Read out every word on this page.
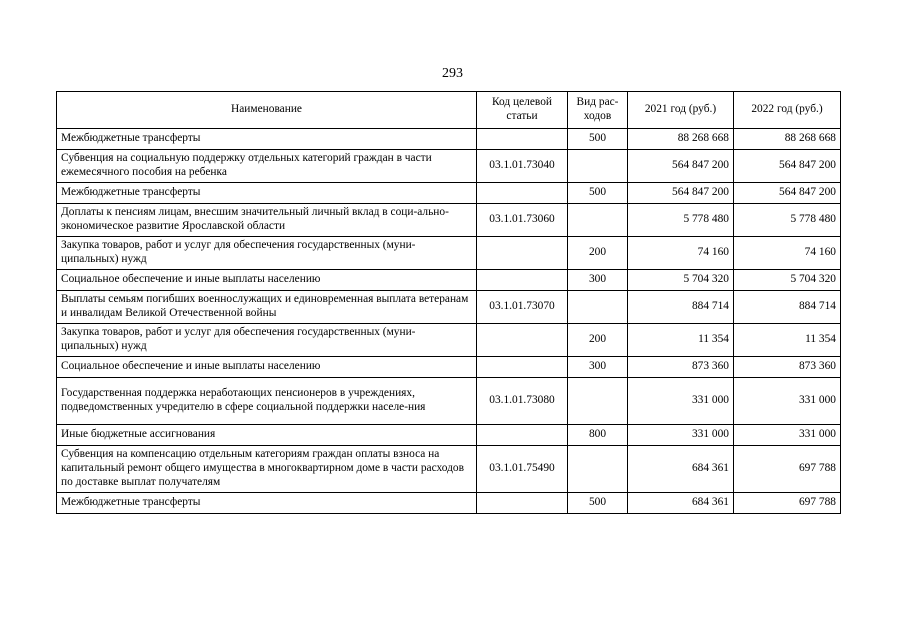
293
Наименование	Код целевой статьи	Вид рас-ходов	2021 год (руб.)	2022 год (руб.)
Межбюджетные трансферты		500	88 268 668	88 268 668
Субвенция на социальную поддержку отдельных категорий граждан в части ежемесячного пособия на ребенка	03.1.01.73040		564 847 200	564 847 200
Межбюджетные трансферты		500	564 847 200	564 847 200
Доплаты к пенсиям лицам, внесшим значительный личный вклад в соци-ально-экономическое развитие Ярославской области	03.1.01.73060		5 778 480	5 778 480
Закупка товаров, работ и услуг для обеспечения государственных (муни-ципальных) нужд		200	74 160	74 160
Социальное обеспечение и иные выплаты населению		300	5 704 320	5 704 320
Выплаты семьям погибших военнослужащих и единовременная выплата ветеранам и инвалидам Великой Отечественной войны	03.1.01.73070		884 714	884 714
Закупка товаров, работ и услуг для обеспечения государственных (муни-ципальных) нужд		200	11 354	11 354
Социальное обеспечение и иные выплаты населению		300	873 360	873 360
Государственная поддержка неработающих пенсионеров в учреждениях, подведомственных учредителю в сфере социальной поддержки населе-ния	03.1.01.73080		331 000	331 000
Иные бюджетные ассигнования		800	331 000	331 000
Субвенция на компенсацию отдельным категориям граждан оплаты взноса на капитальный ремонт общего имущества в многоквартирном доме в части расходов по доставке выплат получателям	03.1.01.75490		684 361	697 788
Межбюджетные трансферты		500	684 361	697 788
